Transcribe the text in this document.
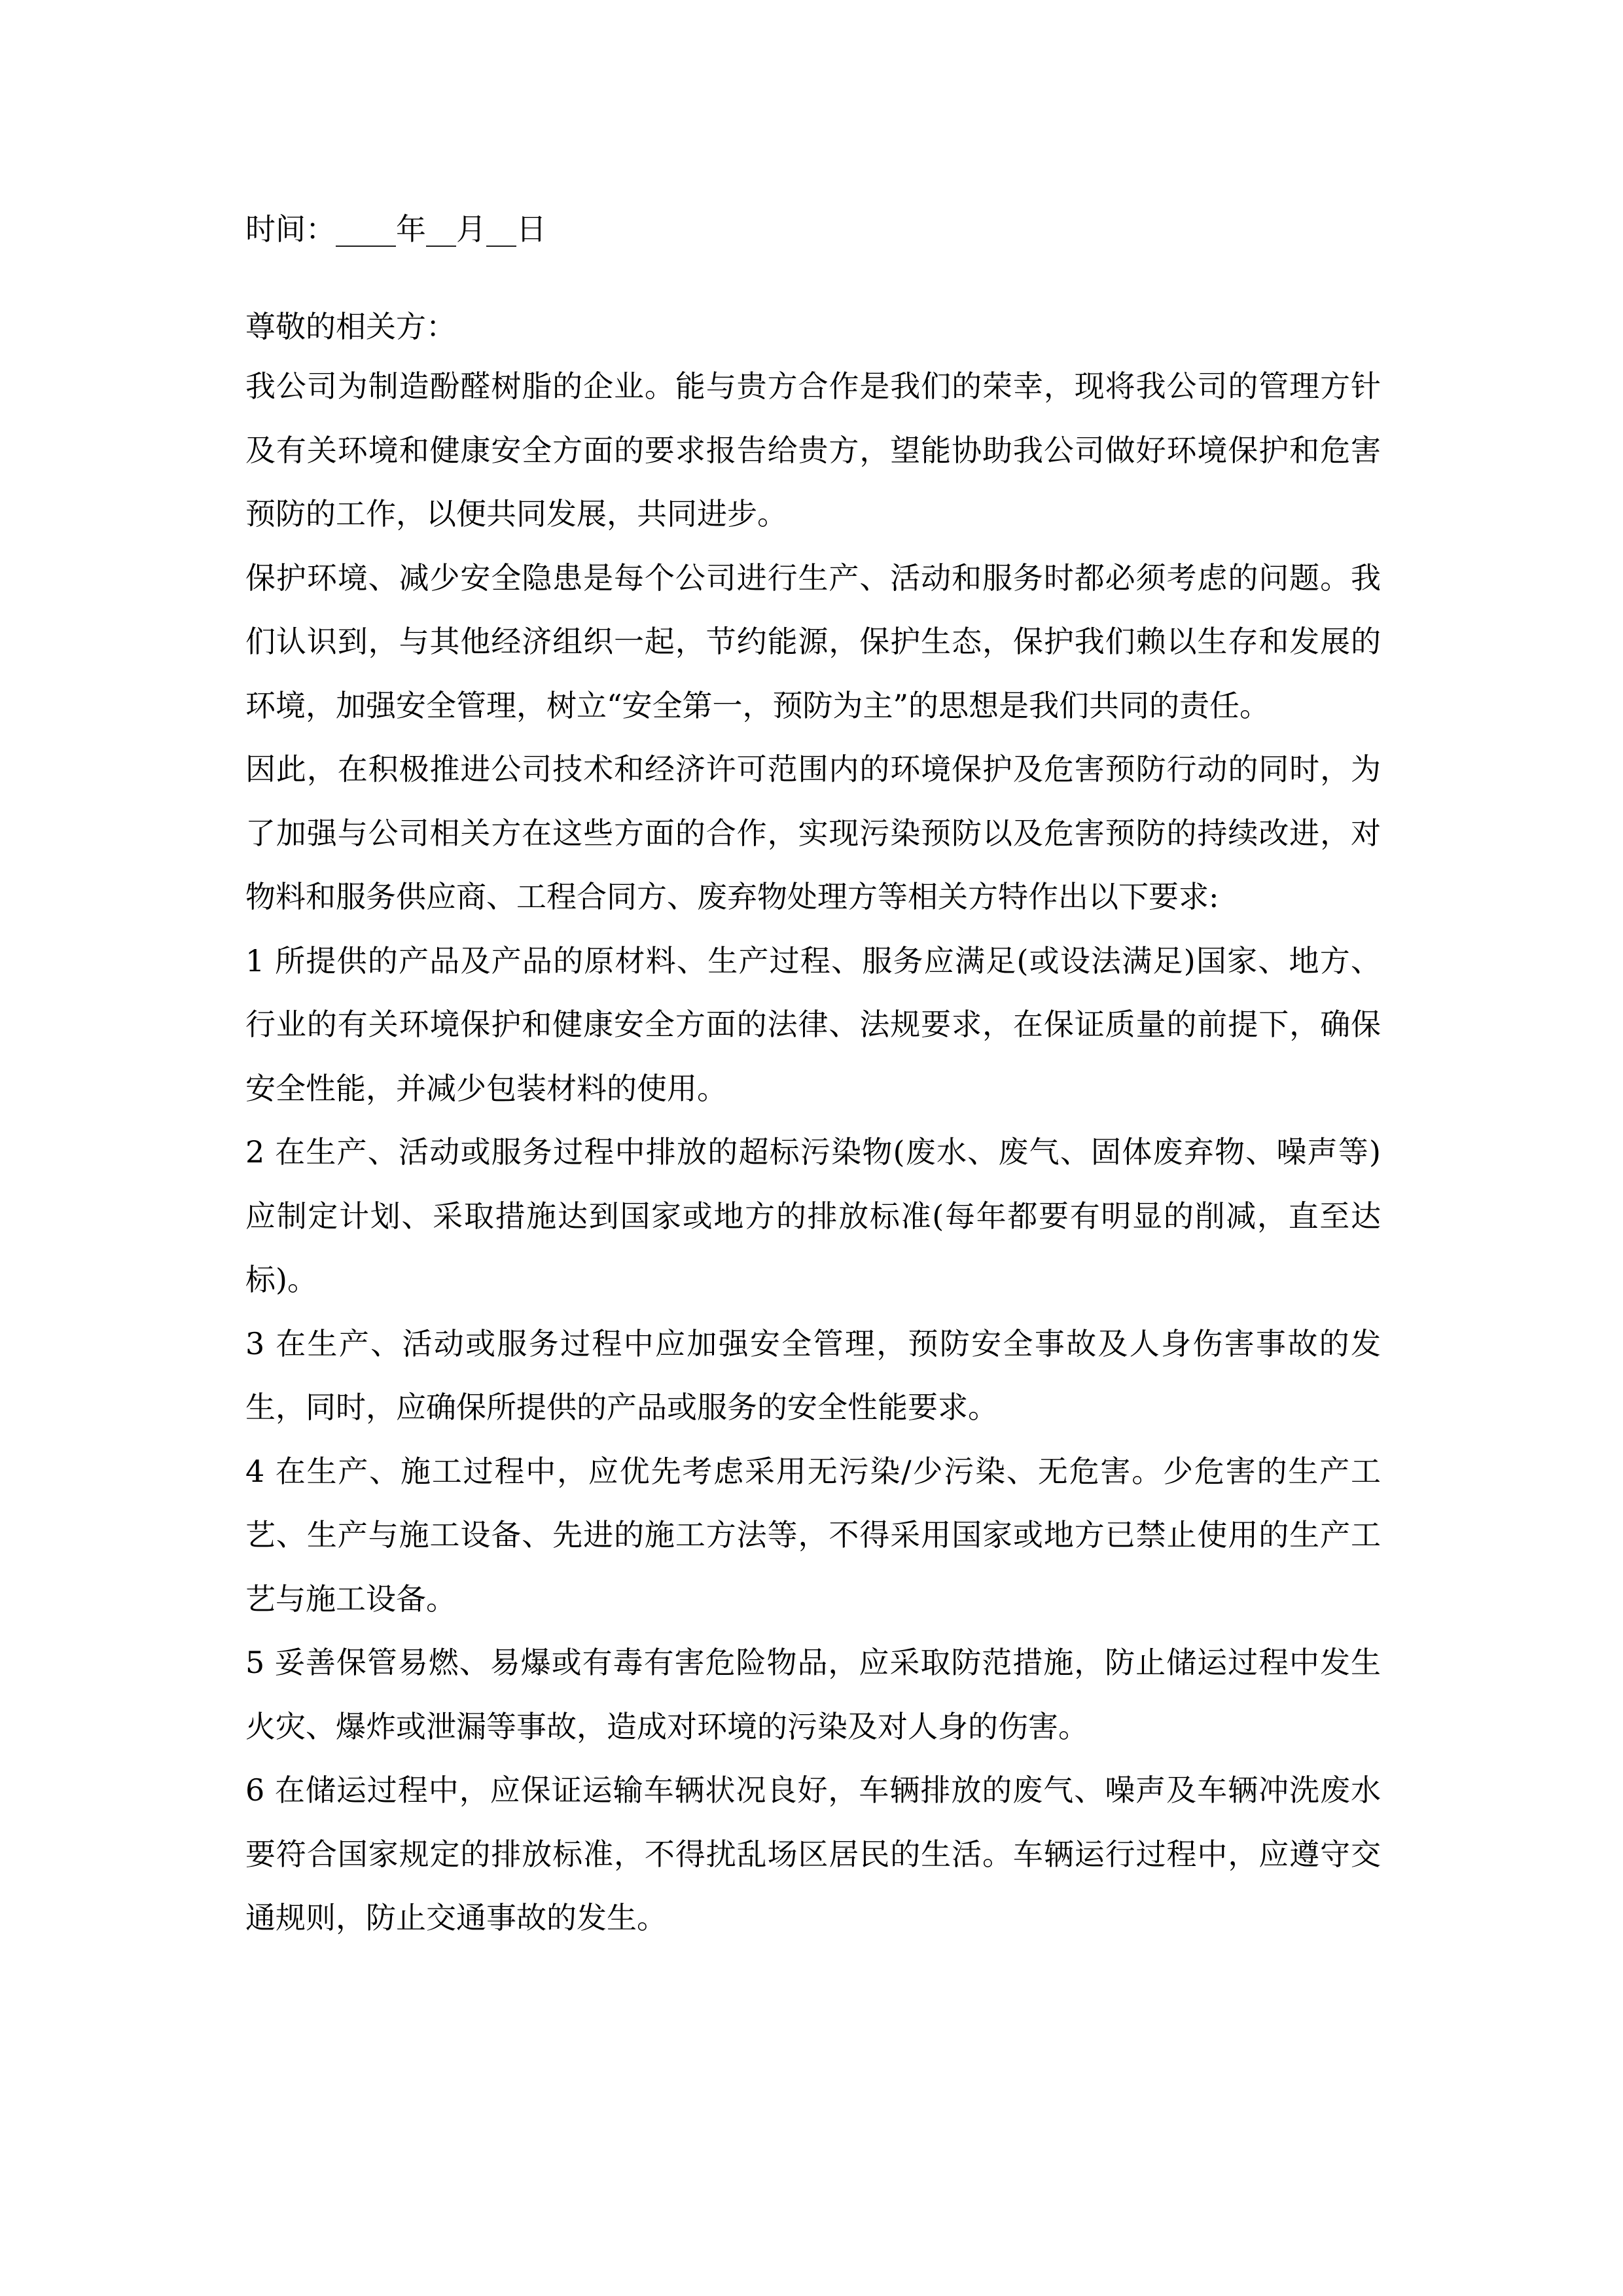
时间：____年__月__日

尊敬的相关方：

我公司为制造酚醛树脂的企业。能与贵方合作是我们的荣幸，现将我公司的管理方针及有关环境和健康安全方面的要求报告给贵方，望能协助我公司做好环境保护和危害预防的工作，以便共同发展，共同进步。

保护环境、减少安全隐患是每个公司进行生产、活动和服务时都必须考虑的问题。我们认识到，与其他经济组织一起，节约能源，保护生态，保护我们赖以生存和发展的环境，加强安全管理，树立“安全第一，预防为主”的思想是我们共同的责任。

因此，在积极推进公司技术和经济许可范围内的环境保护及危害预防行动的同时，为了加强与公司相关方在这些方面的合作，实现污染预防以及危害预防的持续改进，对物料和服务供应商、工程合同方、废弃物处理方等相关方特作出以下要求:

1 所提供的产品及产品的原材料、生产过程、服务应满足(或设法满足)国家、地方、行业的有关环境保护和健康安全方面的法律、法规要求，在保证质量的前提下，确保安全性能，并减少包装材料的使用。

2 在生产、活动或服务过程中排放的超标污染物(废水、废气、固体废弃物、噪声等)应制定计划、采取措施达到国家或地方的排放标准(每年都要有明显的削减，直至达标)。

3 在生产、活动或服务过程中应加强安全管理，预防安全事故及人身伤害事故的发生，同时，应确保所提供的产品或服务的安全性能要求。

4 在生产、施工过程中，应优先考虑采用无污染/少污染、无危害。少危害的生产工艺、生产与施工设备、先进的施工方法等，不得采用国家或地方已禁止使用的生产工艺与施工设备。

5 妥善保管易燃、易爆或有毒有害危险物品，应采取防范措施，防止储运过程中发生火灾、爆炸或泄漏等事故，造成对环境的污染及对人身的伤害。

6 在储运过程中，应保证运输车辆状况良好，车辆排放的废气、噪声及车辆冲洗废水要符合国家规定的排放标准，不得扰乱场区居民的生活。车辆运行过程中，应遵守交通规则，防止交通事故的发生。
